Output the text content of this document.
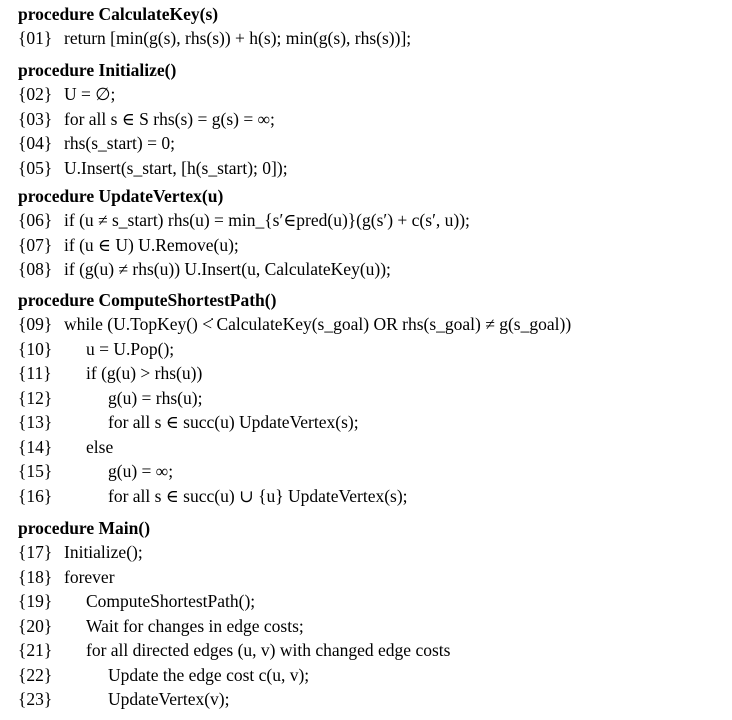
procedure CalculateKey(s)
{01} return [min(g(s), rhs(s)) + h(s); min(g(s), rhs(s))];
procedure Initialize()
{02} U = ∅;
{03} for all s ∈ S rhs(s) = g(s) = ∞;
{04} rhs(s_start) = 0;
{05} U.Insert(s_start, [h(s_start); 0]);
procedure UpdateVertex(u)
{06} if (u ≠ s_start) rhs(u) = min_{s′∈pred(u)}(g(s′) + c(s′, u));
{07} if (u ∈ U) U.Remove(u);
{08} if (g(u) ≠ rhs(u)) U.Insert(u, CalculateKey(u));
procedure ComputeShortestPath()
{09} while (U.TopKey() <̇ CalculateKey(s_goal) OR rhs(s_goal) ≠ g(s_goal))
{10} u = U.Pop();
{11} if (g(u) > rhs(u))
{12}	g(u) = rhs(u);
{13}	for all s ∈ succ(u) UpdateVertex(s);
{14} else
{15}	g(u) = ∞;
{16}	for all s ∈ succ(u) ∪ {u} UpdateVertex(s);
procedure Main()
{17} Initialize();
{18} forever
{19} ComputeShortestPath();
{20} Wait for changes in edge costs;
{21} for all directed edges (u, v) with changed edge costs
{22}	Update the edge cost c(u, v);
{23}	UpdateVertex(v);
